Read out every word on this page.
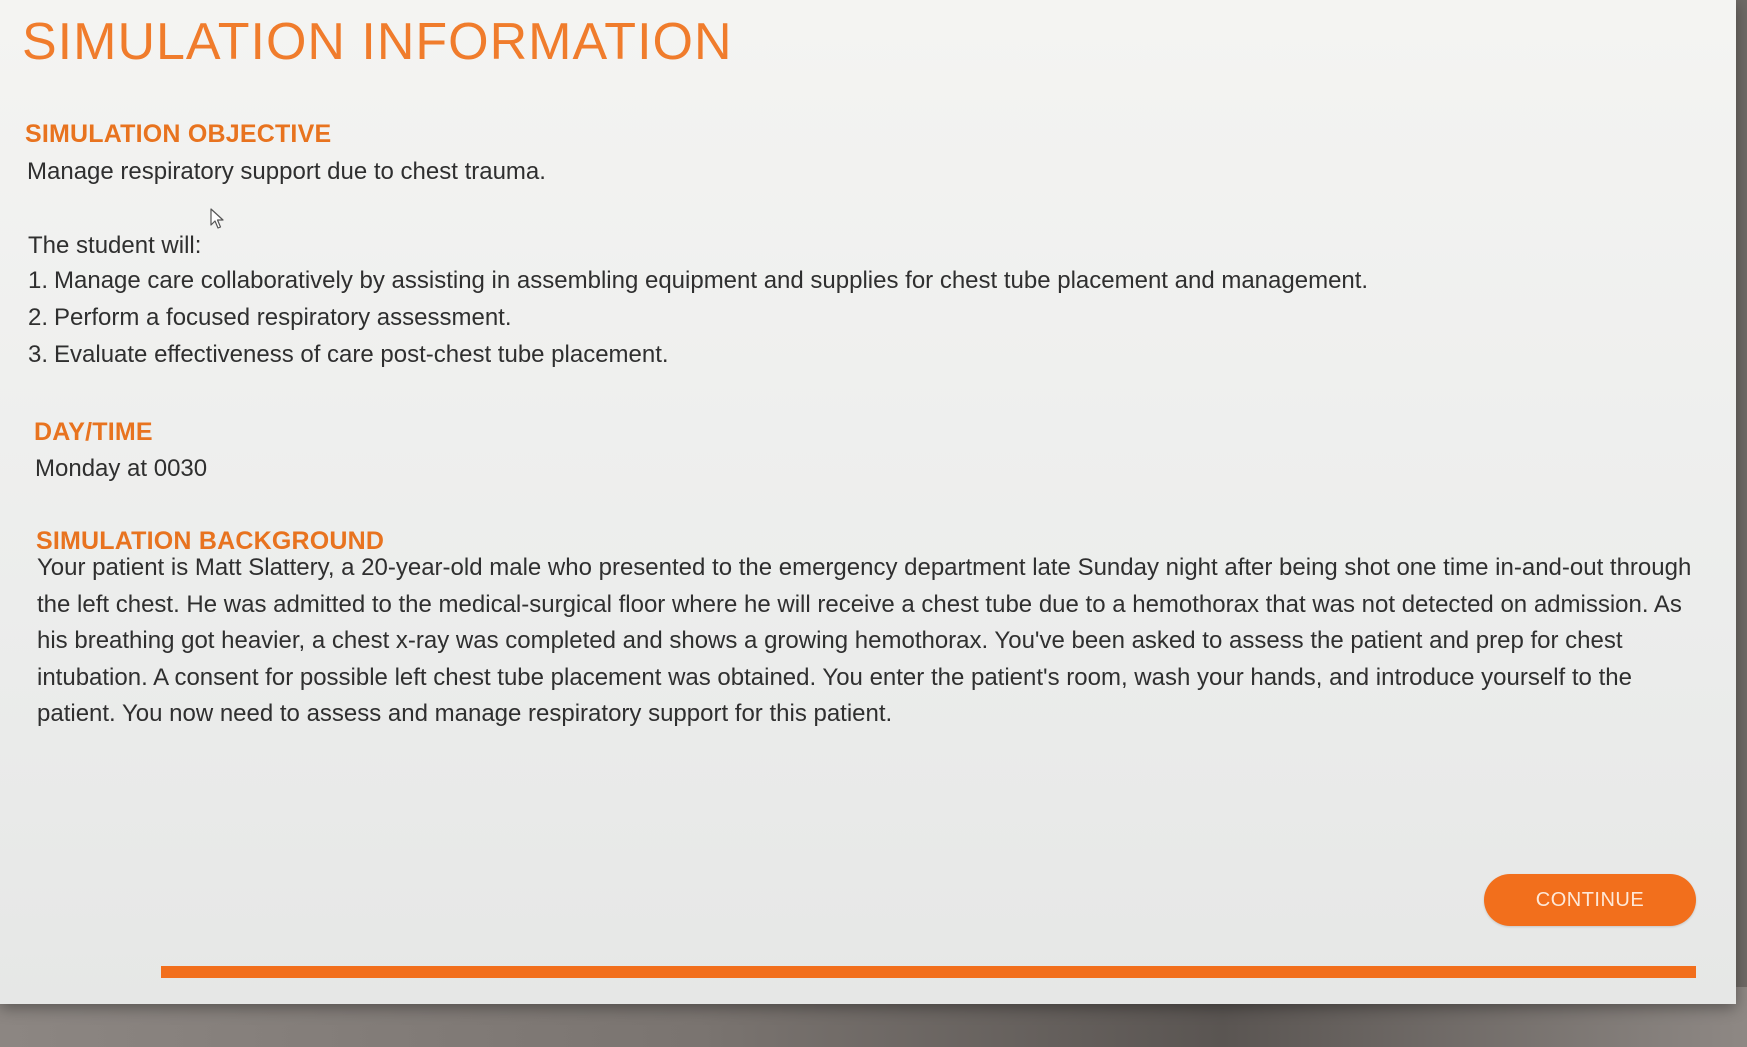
SIMULATION INFORMATION
SIMULATION OBJECTIVE

Manage respiratory support due to chest trauma.

The student will:

1. Manage care collaboratively by assisting in assembling equipment and supplies for chest tube placement and management.
2. Perform a focused respiratory assessment.
3. Evaluate effectiveness of care post-chest tube placement.
DAY/TIME

Monday at 0030

SIMULATION BACKGROUND

Your patient is Matt Slattery, a 20-year-old male who presented to the emergency department late Sunday night after being shot one time in-and-out through the left chest. He was admitted to the medical-surgical floor where he will receive a chest tube due to a hemothorax that was not detected on admission. As his breathing got heavier, a chest x-ray was completed and shows a growing hemothorax. You've been asked to assess the patient and prep for chest intubation. A consent for possible left chest tube placement was obtained. You enter the patient's room, wash your hands, and introduce yourself to the patient. You now need to assess and manage respiratory support for this patient.

CONTINUE
